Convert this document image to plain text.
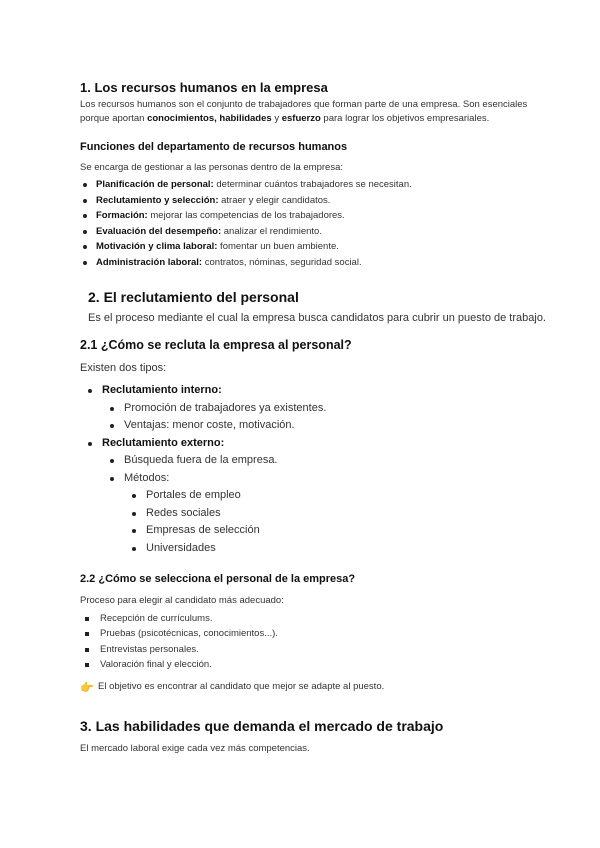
1. Los recursos humanos en la empresa

Los recursos humanos son el conjunto de trabajadores que forman parte de una empresa. Son esenciales
porque aportan conocimientos, habilidades y esfuerzo para lograr los objetivos empresariales.

Funciones del departamento de recursos humanos

Se encarga de gestionar a las personas dentro de la empresa:

Planificación de personal: determinar cuántos trabajadores se necesitan.
Reclutamiento y selección: atraer y elegir candidatos.
Formación: mejorar las competencias de los trabajadores.
Evaluación del desempeño: analizar el rendimiento.
Motivación y clima laboral: fomentar un buen ambiente.
Administración laboral: contratos, nóminas, seguridad social.
2. El reclutamiento del personal

Es el proceso mediante el cual la empresa busca candidatos para cubrir un puesto de trabajo.

2.1 ¿Cómo se recluta la empresa al personal?

Existen dos tipos:

Reclutamiento interno:
Promoción de trabajadores ya existentes.
Ventajas: menor coste, motivación.
Reclutamiento externo:
Búsqueda fuera de la empresa.
Métodos:
Portales de empleo
Redes sociales
Empresas de selección
Universidades
2.2 ¿Cómo se selecciona el personal de la empresa?

Proceso para elegir al candidato más adecuado:

Recepción de currículums.
Pruebas (psicotécnicas, conocimientos...).
Entrevistas personales.
Valoración final y elección.

👉 El objetivo es encontrar al candidato que mejor se adapte al puesto.

3. Las habilidades que demanda el mercado de trabajo

El mercado laboral exige cada vez más competencias.
